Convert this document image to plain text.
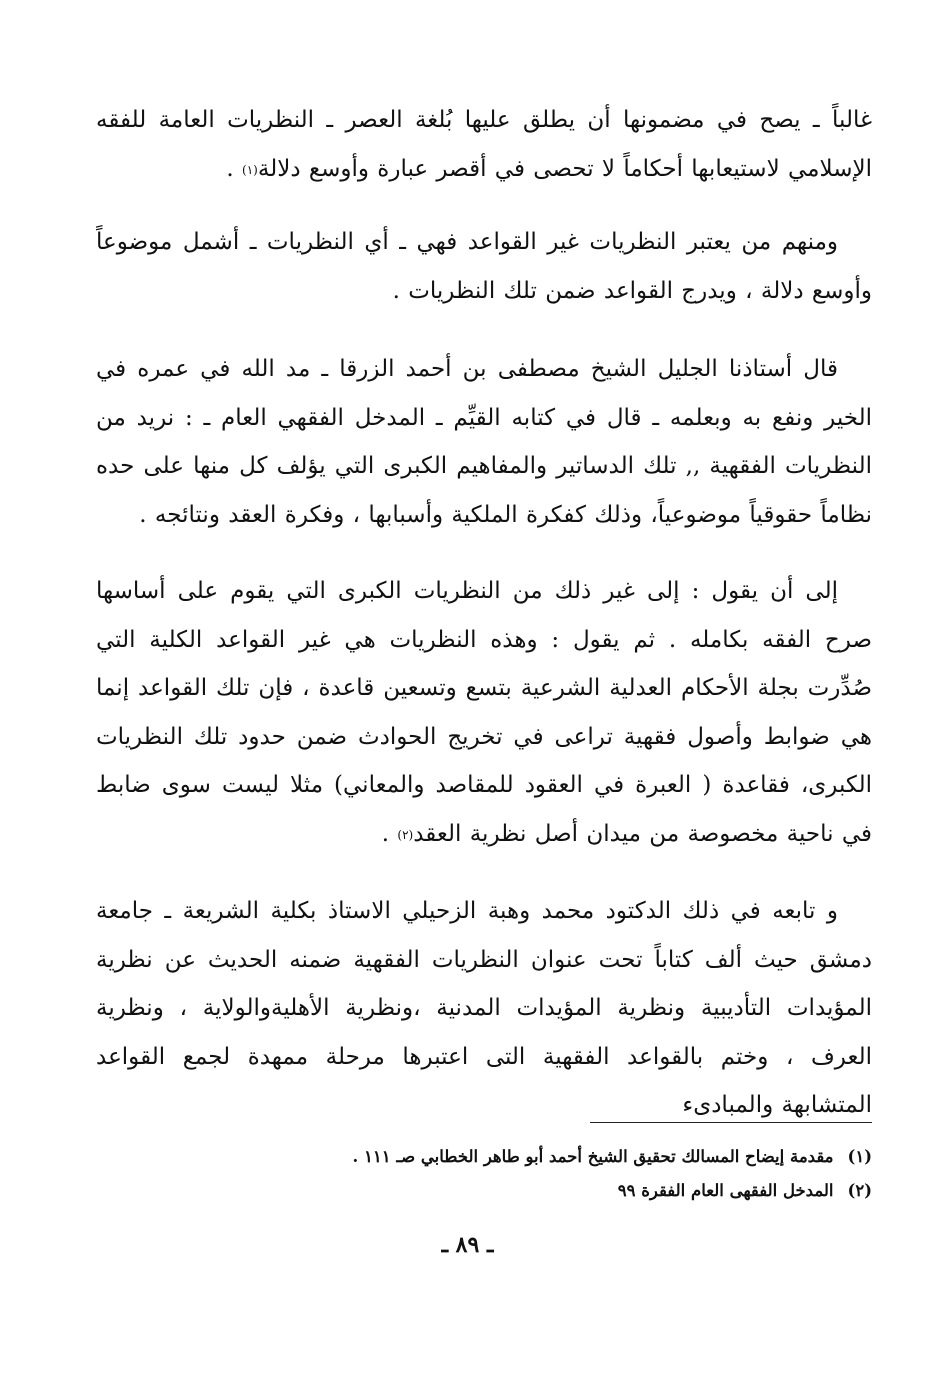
غالباً ـ يصح في مضمونها أن يطلق عليها بُلغة العصر ـ النظريات العامة للفقه الإسلامي لاستيعابها أحكاماً لا تحصى في أقصر عبارة وأوسع دلالة(١) .

ومنهم من يعتبر النظريات غير القواعد فهي ـ أي النظريات ـ أشمل موضوعاً وأوسع دلالة ، ويدرج القواعد ضمن تلك النظريات .

قال أستاذنا الجليل الشيخ مصطفى بن أحمد الزرقا ـ مد الله في عمره في الخير ونفع به وبعلمه ـ قال في كتابه القيِّم ـ المدخل الفقهي العام ـ : نريد من النظريات الفقهية ,, تلك الدساتير والمفاهيم الكبرى التي يؤلف كل منها على حده نظاماً حقوقياً موضوعياً، وذلك كفكرة الملكية وأسبابها ، وفكرة العقد ونتائجه .

إلى أن يقول : إلى غير ذلك من النظريات الكبرى التي يقوم على أساسها صرح الفقه بكامله . ثم يقول : وهذه النظريات هي غير القواعد الكلية التي صُدِّرت بجلة الأحكام العدلية الشرعية بتسع وتسعين قاعدة ، فإن تلك القواعد إنما هي ضوابط وأصول فقهية تراعى في تخريج الحوادث ضمن حدود تلك النظريات الكبرى، فقاعدة ( العبرة في العقود للمقاصد والمعاني) مثلا ليست سوى ضابط في ناحية مخصوصة من ميدان أصل نظرية العقد(٢) .

و تابعه في ذلك الدكتود محمد وهبة الزحيلي الاستاذ بكلية الشريعة ـ جامعة دمشق حيث ألف كتاباً تحت عنوان النظريات الفقهية ضمنه الحديث عن نظرية المؤيدات التأديبية ونظرية المؤيدات المدنية ،ونظرية الأهليةوالولاية ، ونظرية العرف ، وختم بالقواعد الفقهية التى اعتبرها مرحلة ممهدة لجمع القواعد المتشابهة والمبادىء

(١)مقدمة إيضاح المسالك تحقيق الشيخ أحمد أبو طاهر الخطابي صـ ١١١ .

(٢)المدخل الفقهى العام الفقرة ٩٩

ـ ٨٩ ـ
